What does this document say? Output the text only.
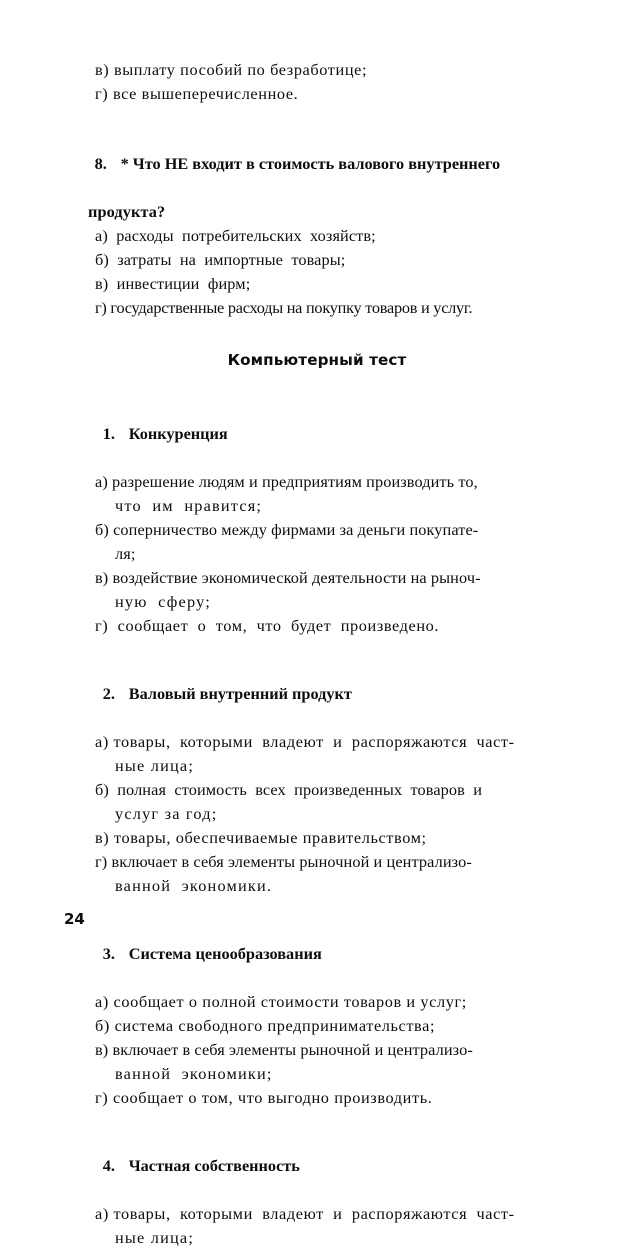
в) выплату пособий по безработице;
г) все вышеперечисленное.

8. * Что НЕ входит в стоимость валового внутреннего

продукта?
а)  расходы  потребительских  хозяйств;
б)  затраты  на  импортные  товары;
в)  инвестиции  фирм;
г) государственные расходы на покупку товаров и услуг.
Компьютерный тест

1. Конкуренция

а) разрешение людям и предприятиям производить то,
что  им  нравится;
б) соперничество между фирмами за деньги покупате-
ля;
в) воздействие экономической деятельности на рыноч-
ную  сферу;
г)  сообщает  о  том,  что  будет  произведено.

2. Валовый внутренний продукт

а) товары,  которыми  владеют  и  распоряжаются  част-
ные лица;
б)  полная  стоимость  всех  произведенных  товаров  и
услуг за год;
в) товары, обеспечиваемые правительством;
г) включает в себя элементы рыночной и централизо-
ванной  экономики.

3. Система ценообразования

а) сообщает о полной стоимости товаров и услуг;
б) система свободного предпринимательства;
в) включает в себя элементы рыночной и централизо-
ванной  экономики;
г) сообщает о том, что выгодно производить.

4. Частная собственность

а) товары,  которыми  владеют  и  распоряжаются  част-
ные лица;
24
